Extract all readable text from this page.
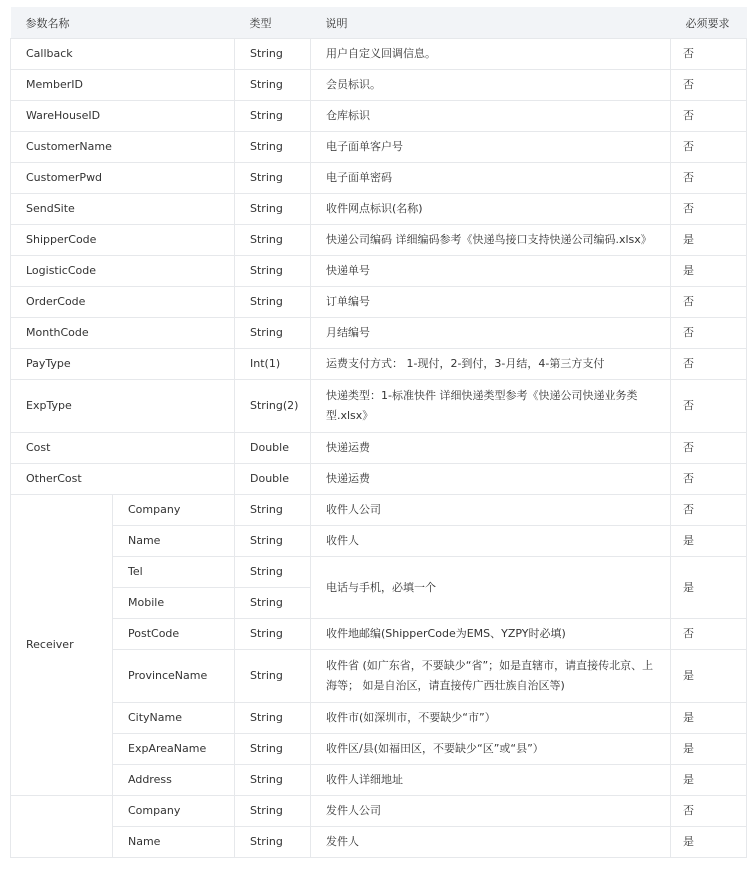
参数名称		类型	说明	必须要求
Callback		String	用户自定义回调信息。	否
MemberID		String	会员标识。	否
WareHouseID		String	仓库标识	否
CustomerName		String	电子面单客户号	否
CustomerPwd		String	电子面单密码	否
SendSite		String	收件网点标识(名称)	否
ShipperCode		String	快递公司编码 详细编码参考《快递鸟接口支持快递公司编码.xlsx》	是
LogisticCode		String	快递单号	是
OrderCode		String	订单编号	否
MonthCode		String	月结编号	否
PayType		Int(1)	运费支付方式： 1-现付，2-到付，3-月结，4-第三方支付	否
ExpType		String(2)	快递类型：1-标准快件 详细快递类型参考《快递公司快递业务类型.xlsx》	否
Cost		Double	快递运费	否
OtherCost		Double	快递运费	否
Receiver	Company	String	收件人公司	否
	Name	String	收件人	是
	Tel	String	电话与手机，必填一个	是
	Mobile	String		
	PostCode	String	收件地邮编(ShipperCode为EMS、YZPY时必填)	否
	ProvinceName	String	收件省 (如广东省，不要缺少“省”；如是直辖市，请直接传北京、上海等； 如是自治区，请直接传广西壮族自治区等)	是
	CityName	String	收件市(如深圳市，不要缺少“市”）	是
	ExpAreaName	String	收件区/县(如福田区，不要缺少“区”或“县”）	是
	Address	String	收件人详细地址	是
	Company	String	发件人公司	否
	Name	String	发件人	是
